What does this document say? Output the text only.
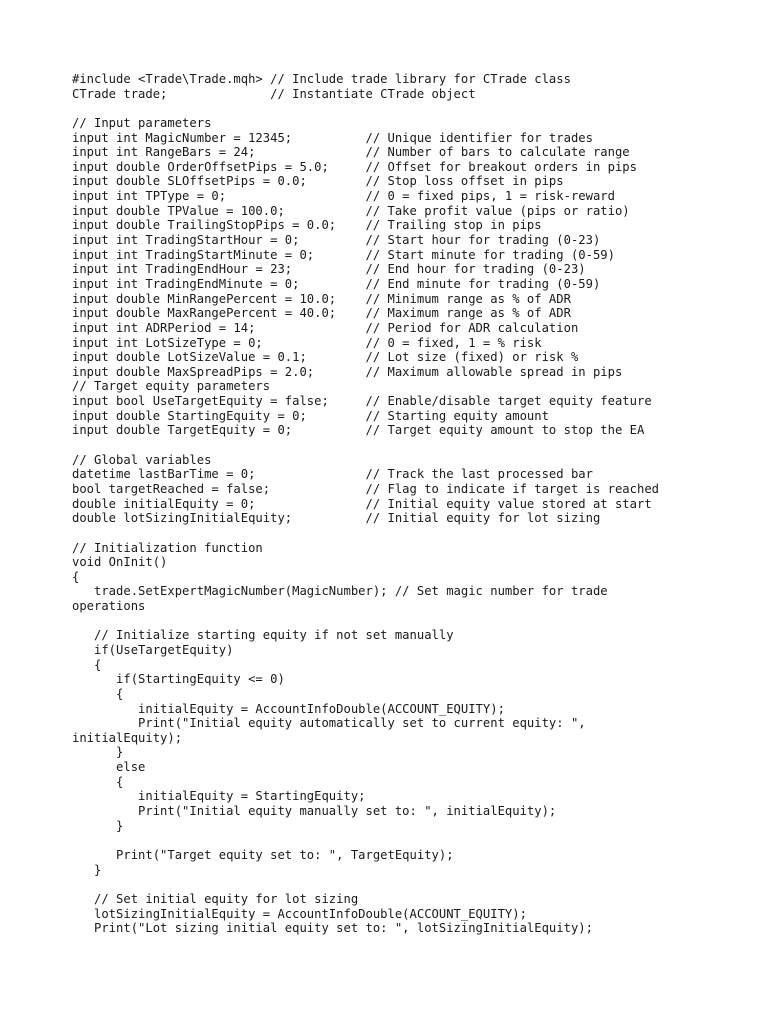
#include <Trade\Trade.mqh> // Include trade library for CTrade class
CTrade trade;              // Instantiate CTrade object
// Input parameters
input int MagicNumber = 12345;          // Unique identifier for trades
input int RangeBars = 24;               // Number of bars to calculate range
input double OrderOffsetPips = 5.0;     // Offset for breakout orders in pips
input double SLOffsetPips = 0.0;        // Stop loss offset in pips
input int TPType = 0;                   // 0 = fixed pips, 1 = risk-reward
input double TPValue = 100.0;           // Take profit value (pips or ratio)
input double TrailingStopPips = 0.0;    // Trailing stop in pips
input int TradingStartHour = 0;         // Start hour for trading (0-23)
input int TradingStartMinute = 0;       // Start minute for trading (0-59)
input int TradingEndHour = 23;          // End hour for trading (0-23)
input int TradingEndMinute = 0;         // End minute for trading (0-59)
input double MinRangePercent = 10.0;    // Minimum range as % of ADR
input double MaxRangePercent = 40.0;    // Maximum range as % of ADR
input int ADRPeriod = 14;               // Period for ADR calculation
input int LotSizeType = 0;              // 0 = fixed, 1 = % risk
input double LotSizeValue = 0.1;        // Lot size (fixed) or risk %
input double MaxSpreadPips = 2.0;       // Maximum allowable spread in pips
// Target equity parameters
input bool UseTargetEquity = false;     // Enable/disable target equity feature
input double StartingEquity = 0;        // Starting equity amount
input double TargetEquity = 0;          // Target equity amount to stop the EA
// Global variables
datetime lastBarTime = 0;               // Track the last processed bar
bool targetReached = false;             // Flag to indicate if target is reached
double initialEquity = 0;               // Initial equity value stored at start
double lotSizingInitialEquity;          // Initial equity for lot sizing
// Initialization function
void OnInit()
{
trade.SetExpertMagicNumber(MagicNumber); // Set magic number for trade
operations
// Initialize starting equity if not set manually
if(UseTargetEquity)
{
if(StartingEquity <= 0)
{
initialEquity = AccountInfoDouble(ACCOUNT_EQUITY);
Print("Initial equity automatically set to current equity: ",
initialEquity);
}
else
{
initialEquity = StartingEquity;
Print("Initial equity manually set to: ", initialEquity);
}
Print("Target equity set to: ", TargetEquity);
}
// Set initial equity for lot sizing
lotSizingInitialEquity = AccountInfoDouble(ACCOUNT_EQUITY);
Print("Lot sizing initial equity set to: ", lotSizingInitialEquity);
